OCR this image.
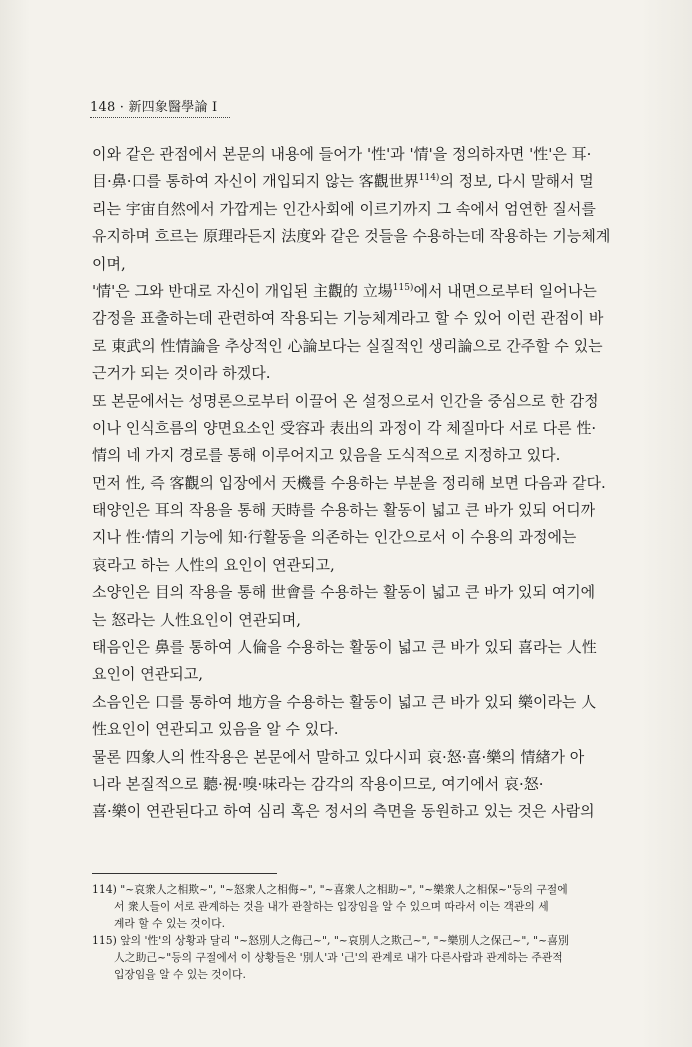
148 · 新四象醫學論 I
이와 같은 관점에서 본문의 내용에 들어가 '性'과 '情'을 정의하자면 '性'은 耳·
目·鼻·口를 통하여 자신이 개입되지 않는 客觀世界$^{114)}$의 정보, 다시 말해서 멀
리는 宇宙自然에서 가깝게는 인간사회에 이르기까지 그 속에서 엄연한 질서를
유지하며 흐르는 原理라든지 法度와 같은 것들을 수용하는데 작용하는 기능체계
이며,
'情'은 그와 반대로 자신이 개입된 主觀的 立場$^{115)}$에서 내면으로부터 일어나는
감정을 표출하는데 관련하여 작용되는 기능체계라고 할 수 있어 이런 관점이 바
로 東武의 性情論을 추상적인 心論보다는 실질적인 생리論으로 간주할 수 있는
근거가 되는 것이라 하겠다.
또 본문에서는 성명론으로부터 이끌어 온 설정으로서 인간을 중심으로 한 감정
이나 인식흐름의 양면요소인 受容과 表出의 과정이 각 체질마다 서로 다른 性·
情의 네 가지 경로를 통해 이루어지고 있음을 도식적으로 지정하고 있다.
먼저 性, 즉 客觀의 입장에서 天機를 수용하는 부분을 정리해 보면 다음과 같다.
태양인은 耳의 작용을 통해 天時를 수용하는 활동이 넓고 큰 바가 있되 어디까
지나 性·情의 기능에 知·行활동을 의존하는 인간으로서 이 수용의 과정에는
哀라고 하는 人性의 요인이 연관되고,
소양인은 目의 작용을 통해 世會를 수용하는 활동이 넓고 큰 바가 있되 여기에
는 怒라는 人性요인이 연관되며,
태음인은 鼻를 통하여 人倫을 수용하는 활동이 넓고 큰 바가 있되 喜라는 人性
요인이 연관되고,
소음인은 口를 통하여 地方을 수용하는 활동이 넓고 큰 바가 있되 樂이라는 人
性요인이 연관되고 있음을 알 수 있다.
물론 四象人의 性작용은 본문에서 말하고 있다시피 哀·怒·喜·樂의 情緖가 아
니라 본질적으로 聽·視·嗅·味라는 감각의 작용이므로, 여기에서 哀·怒·
喜·樂이 연관된다고 하여 심리 혹은 정서의 측면을 동원하고 있는 것은 사람의
114) "~哀衆人之相欺~", "~怒衆人之相侮~", "~喜衆人之相助~", "~樂衆人之相保~"등의 구절에
서 衆人들이 서로 관계하는 것을 내가 관찰하는 입장임을 알 수 있으며 따라서 이는 객관의 세
계라 할 수 있는 것이다.
115) 앞의 '性'의 상황과 달리 "~怒別人之侮己~", "~哀別人之欺己~", "~樂別人之保己~", "~喜別
人之助己~"등의 구절에서 이 상황들은 '別人'과 '己'의 관계로 내가 다른사람과 관계하는 주관적
입장임을 알 수 있는 것이다.
